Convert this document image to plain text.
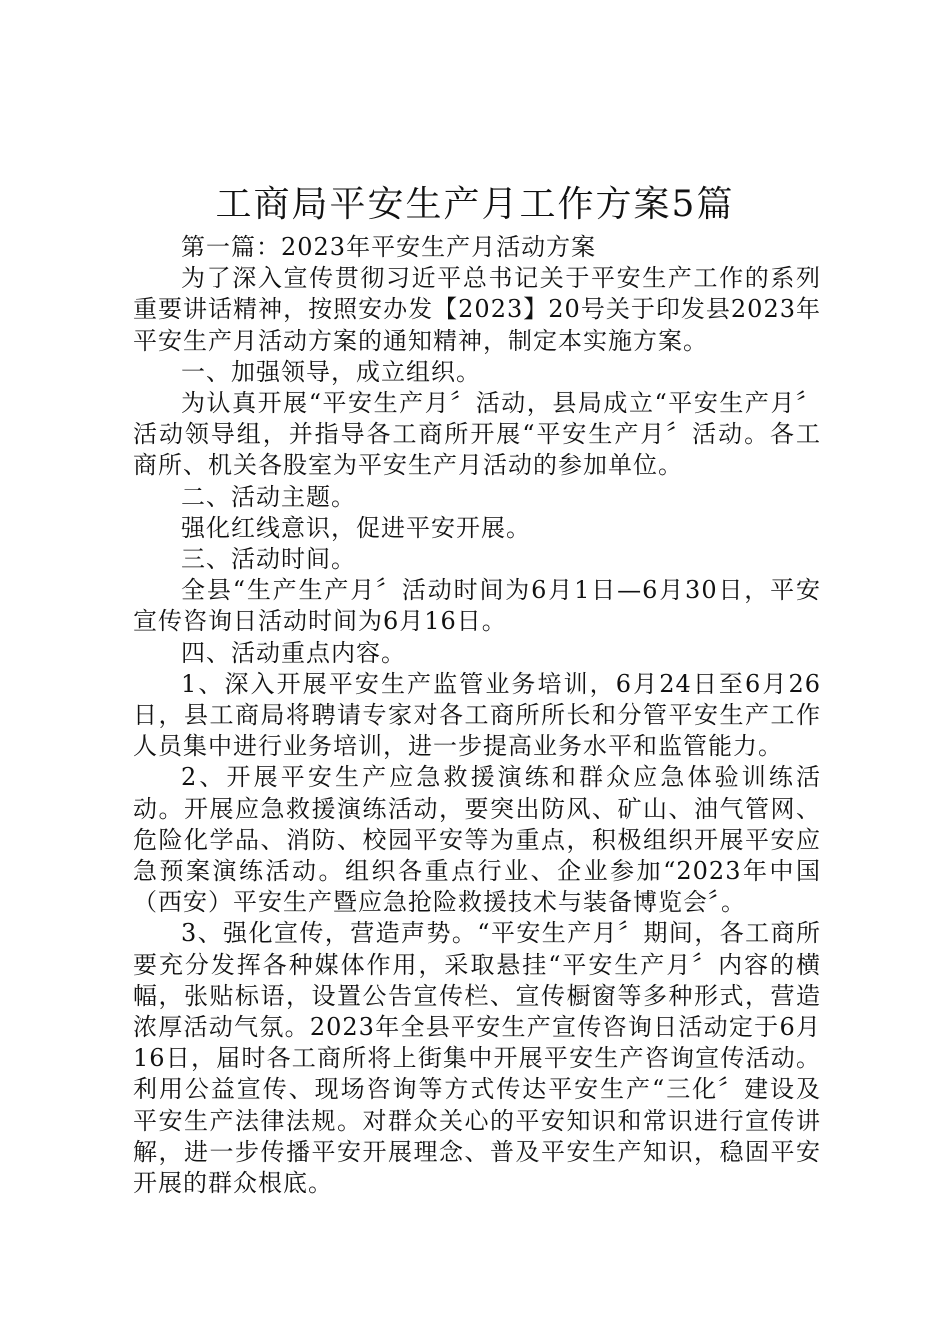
工商局平安生产月工作方案5篇

第一篇：2023年平安生产月活动方案

为了深入宣传贯彻习近平总书记关于平安生产工作的系列重要讲话精神，按照安办发【2023】20号关于印发县2023年平安生产月活动方案的通知精神，制定本实施方案。

一、加强领导，成立组织。

为认真开展“平安生产月〞活动，县局成立“平安生产月〞活动领导组，并指导各工商所开展“平安生产月〞活动。各工商所、机关各股室为平安生产月活动的参加单位。

二、活动主题。

强化红线意识，促进平安开展。

三、活动时间。

全县“生产生产月〞活动时间为6月1日—6月30日，平安宣传咨询日活动时间为6月16日。

四、活动重点内容。

1、深入开展平安生产监管业务培训，6月24日至6月26日，县工商局将聘请专家对各工商所所长和分管平安生产工作人员集中进行业务培训，进一步提高业务水平和监管能力。

2、开展平安生产应急救援演练和群众应急体验训练活动。开展应急救援演练活动，要突出防风、矿山、油气管网、危险化学品、消防、校园平安等为重点，积极组织开展平安应急预案演练活动。组织各重点行业、企业参加“2023年中国（西安）平安生产暨应急抢险救援技术与装备博览会〞。

3、强化宣传，营造声势。“平安生产月〞期间，各工商所要充分发挥各种媒体作用，采取悬挂“平安生产月〞内容的横幅，张贴标语，设置公告宣传栏、宣传橱窗等多种形式，营造浓厚活动气氛。2023年全县平安生产宣传咨询日活动定于6月16日，届时各工商所将上街集中开展平安生产咨询宣传活动。利用公益宣传、现场咨询等方式传达平安生产“三化〞建设及平安生产法律法规。对群众关心的平安知识和常识进行宣传讲解，进一步传播平安开展理念、普及平安生产知识，稳固平安开展的群众根底。
